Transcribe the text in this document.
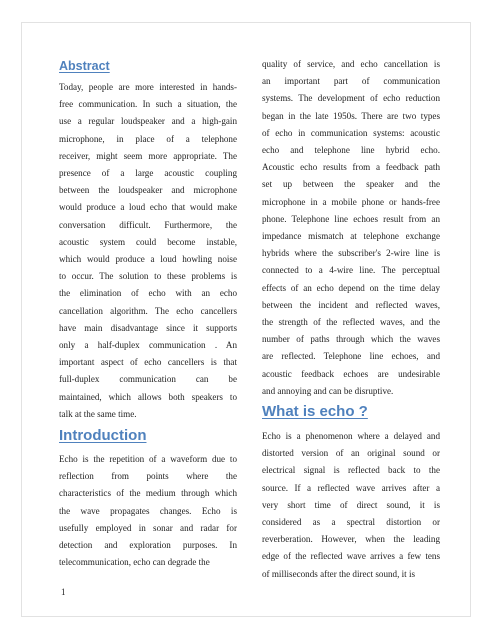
Abstract

Today, people are more interested in hands-
free communication. In such a situation, the
use a regular loudspeaker and a high-gain
microphone, in place of a telephone
receiver, might seem more appropriate. The
presence of a large acoustic coupling
between the loudspeaker and microphone
would produce a loud echo that would make
conversation difficult. Furthermore, the
acoustic system could become instable,
which would produce a loud howling noise
to occur. The solution to these problems is
the elimination of echo with an echo
cancellation algorithm. The echo cancellers
have main disadvantage since it supports
only a half-duplex communication . An
important aspect of echo cancellers is that
full-duplex communication can be
maintained, which allows both speakers to
talk at the same time.

Introduction

Echo is the repetition of a waveform due to
reflection from points where the
characteristics of the medium through which
the wave propagates changes. Echo is
usefully employed in sonar and radar for
detection and exploration purposes. In
telecommunication, echo can degrade the

quality of service, and echo cancellation is
an important part of communication
systems. The development of echo reduction
began in the late 1950s. There are two types
of echo in communication systems: acoustic
echo and telephone line hybrid echo.
Acoustic echo results from a feedback path
set up between the speaker and the
microphone in a mobile phone or hands-free
phone. Telephone line echoes result from an
impedance mismatch at telephone exchange
hybrids where the subscriber's 2-wire line is
connected to a 4-wire line. The perceptual
effects of an echo depend on the time delay
between the incident and reflected waves,
the strength of the reflected waves, and the
number of paths through which the waves
are reflected. Telephone line echoes, and
acoustic feedback echoes are undesirable
and annoying and can be disruptive.

What is echo ?

Echo is a phenomenon where a delayed and
distorted version of an original sound or
electrical signal is reflected back to the
source. If a reflected wave arrives after a
very short time of direct sound, it is
considered as a spectral distortion or
reverberation. However, when the leading
edge of the reflected wave arrives a few tens
of milliseconds after the direct sound, it is

1
